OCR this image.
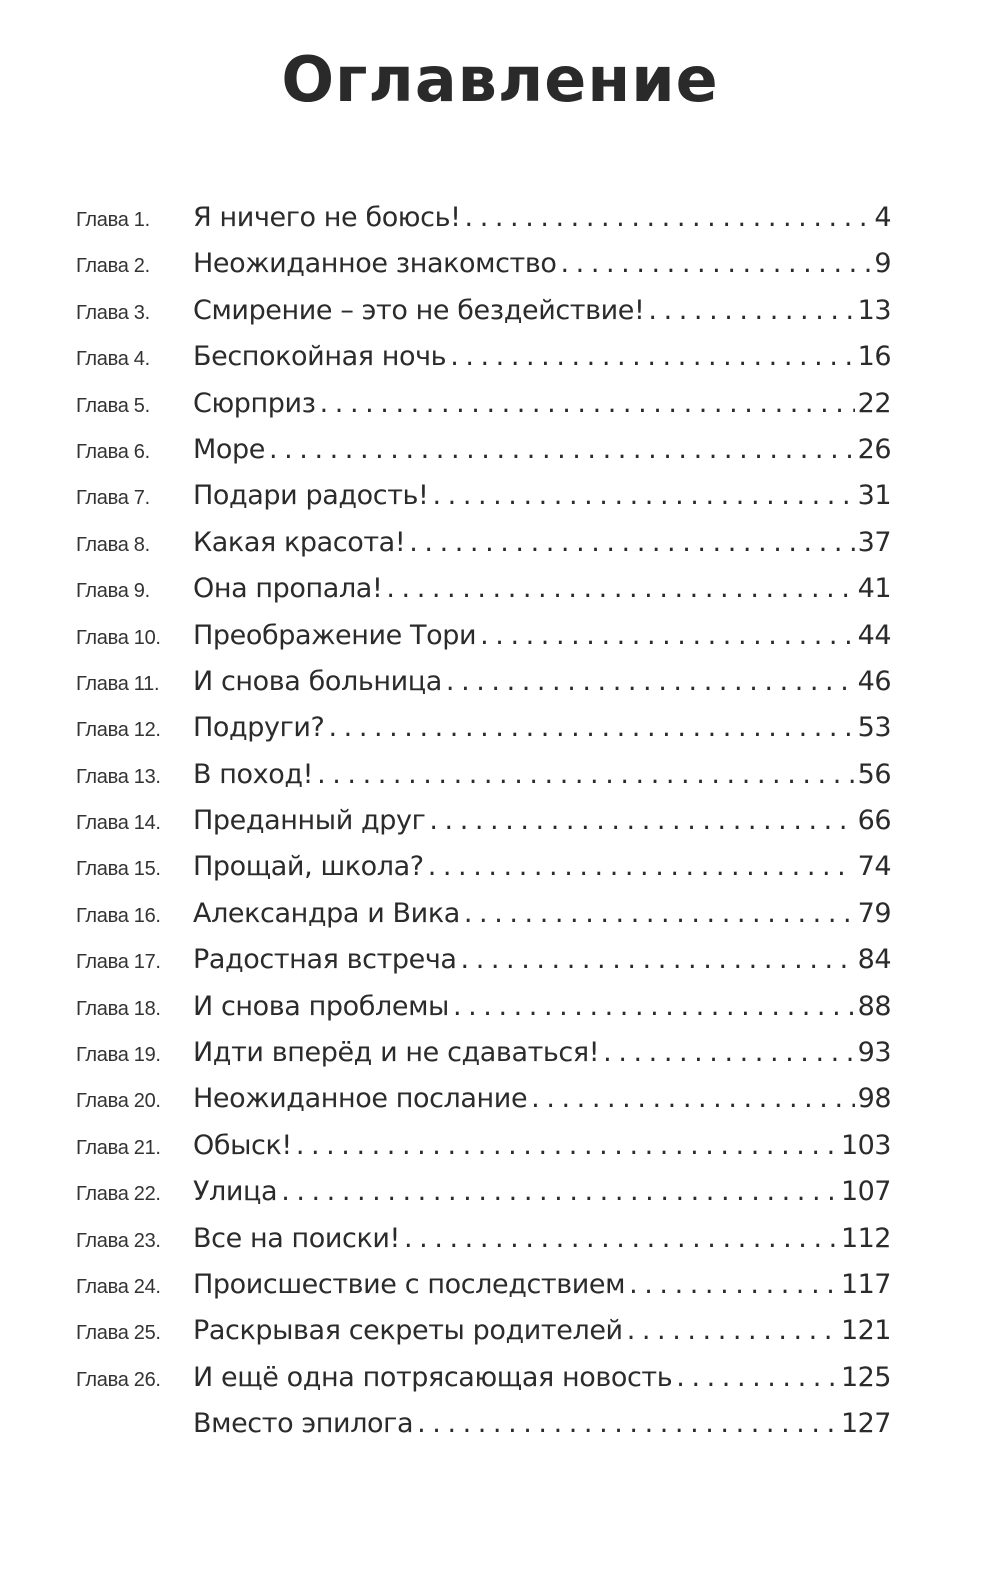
Оглавление
Глава 1.	Я ничего не боюсь! . . .	4
Глава 2.	Неожиданное знакомство . . .	9
Глава 3.	Смирение – это не бездействие! . . .	13
Глава 4.	Беспокойная ночь . . .	16
Глава 5.	Сюрприз . . .	22
Глава 6.	Море . . .	26
Глава 7.	Подари радость! . . .	31
Глава 8.	Какая красота! . . .	37
Глава 9.	Она пропала! . . .	41
Глава 10.	Преображение Тори . . .	44
Глава 11.	И снова больница . . .	46
Глава 12.	Подруги? . . .	53
Глава 13.	В поход! . . .	56
Глава 14.	Преданный друг . . .	66
Глава 15.	Прощай, школа? . . .	74
Глава 16.	Александра и Вика . . .	79
Глава 17.	Радостная встреча . . .	84
Глава 18.	И снова проблемы . . .	88
Глава 19.	Идти вперёд и не сдаваться! . . .	93
Глава 20.	Неожиданное послание . . .	98
Глава 21.	Обыск! . . .	103
Глава 22.	Улица . . .	107
Глава 23.	Все на поиски! . . .	112
Глава 24.	Происшествие с последствием . . .	117
Глава 25.	Раскрывая секреты родителей . . .	121
Глава 26.	И ещё одна потрясающая новость . . .	125
Вместо эпилога . . .	127
